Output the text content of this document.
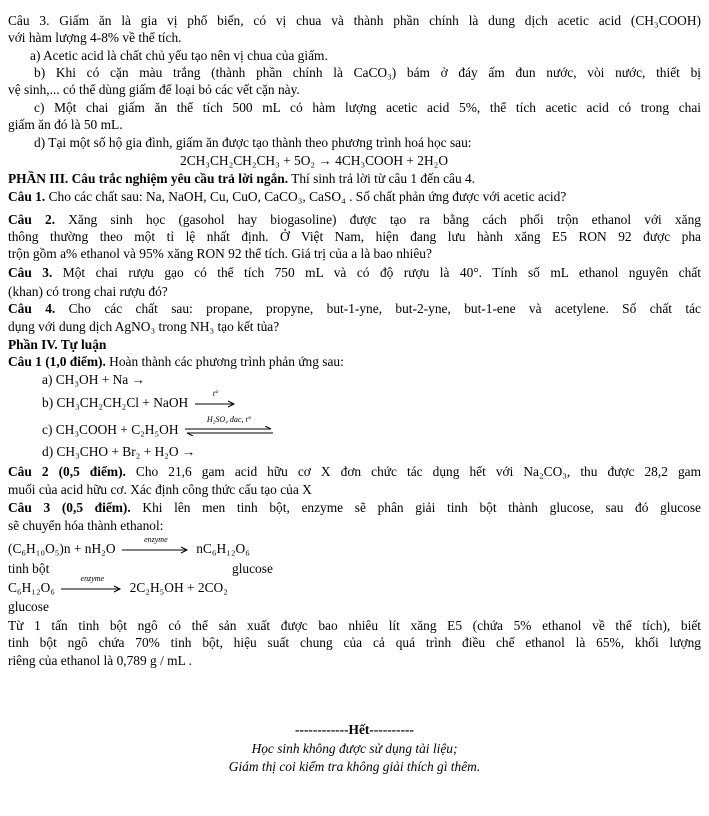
Câu 3. Giấm ăn là gia vị phổ biến, có vị chua và thành phần chính là dung dịch acetic acid (CH₃COOH)
với hàm lượng 4-8% về thể tích.
a) Acetic acid là chất chủ yếu tạo nên vị chua của giấm.
b) Khi có cặn màu trắng (thành phần chính là CaCO₃) bám ở đáy ấm đun nước, vòi nước, thiết bị
vệ sinh,... có thể dùng giấm để loại bỏ các vết cặn này.
c) Một chai giấm ăn thể tích 500 mL có hàm lượng acetic acid 5%, thể tích acetic acid có trong chai
giấm ăn đó là 50 mL.
d) Tại một số hộ gia đình, giấm ăn được tạo thành theo phương trình hoá học sau:
2CH₃CH₂CH₂CH₃ + 5O₂ → 4CH₃COOH + 2H₂O
PHẦN III. Câu trắc nghiệm yêu cầu trả lời ngắn. Thí sinh trả lời từ câu 1 đến câu 4.
Câu 1. Cho các chất sau: Na, NaOH, Cu, CuO, CaCO₃, CaSO₄ . Số chất phản ứng được với acetic acid?
Câu 2. Xăng sinh học (gasohol hay biogasoline) được tạo ra bằng cách phối trộn ethanol với xăng
thông thường theo một tỉ lệ nhất định. Ở Việt Nam, hiện đang lưu hành xăng E5 RON 92 được pha
trộn gồm a% ethanol và 95% xăng RON 92 thể tích. Giá trị của a là bao nhiêu?
Câu 3. Một chai rượu gạo có thể tích 750 mL và có độ rượu là 40°. Tính số mL ethanol nguyên chất
(khan) có trong chai rượu đó?
Câu 4. Cho các chất sau: propane, propyne, but-1-yne, but-2-yne, but-1-ene và acetylene. Số chất tác
dụng với dung dịch AgNO₃ trong NH₃ tạo kết tủa?
Phần IV. Tự luận
Câu 1 (1,0 điểm). Hoàn thành các phương trình phản ứng sau:
a) CH₃OH + Na →
b) CH₃CH₂CH₂Cl + NaOH
t°
c) CH₃COOH + C₂H₅OH
H₂SO₄ đac, t°
d) CH₃CHO + Br₂ + H₂O →
Câu 2 (0,5 điểm). Cho 21,6 gam acid hữu cơ X đơn chức tác dụng hết với Na₂CO₃, thu được 28,2 gam
muối của acid hữu cơ. Xác định công thức cấu tạo của X
Câu 3 (0,5 điểm). Khi lên men tinh bột, enzyme sẽ phân giải tinh bột thành glucose, sau đó glucose
sẽ chuyển hóa thành ethanol:
(C₆H₁₀O₅)n + nH₂O
enzyme
nC₆H₁₂O₆
tinh bột	glucose
C₆H₁₂O₆
enzyme
2C₂H₅OH + 2CO₂
glucose
Từ 1 tấn tinh bột ngô có thể sản xuất được bao nhiêu lít xăng E5 (chứa 5% ethanol về thể tích), biết
tinh bột ngô chứa 70% tinh bột, hiệu suất chung của cả quá trình điều chế ethanol là 65%, khối lượng
riêng của ethanol là 0,789 g / mL .
------------Hết----------
Học sinh không được sử dụng tài liệu;
Giám thị coi kiểm tra không giải thích gì thêm.
